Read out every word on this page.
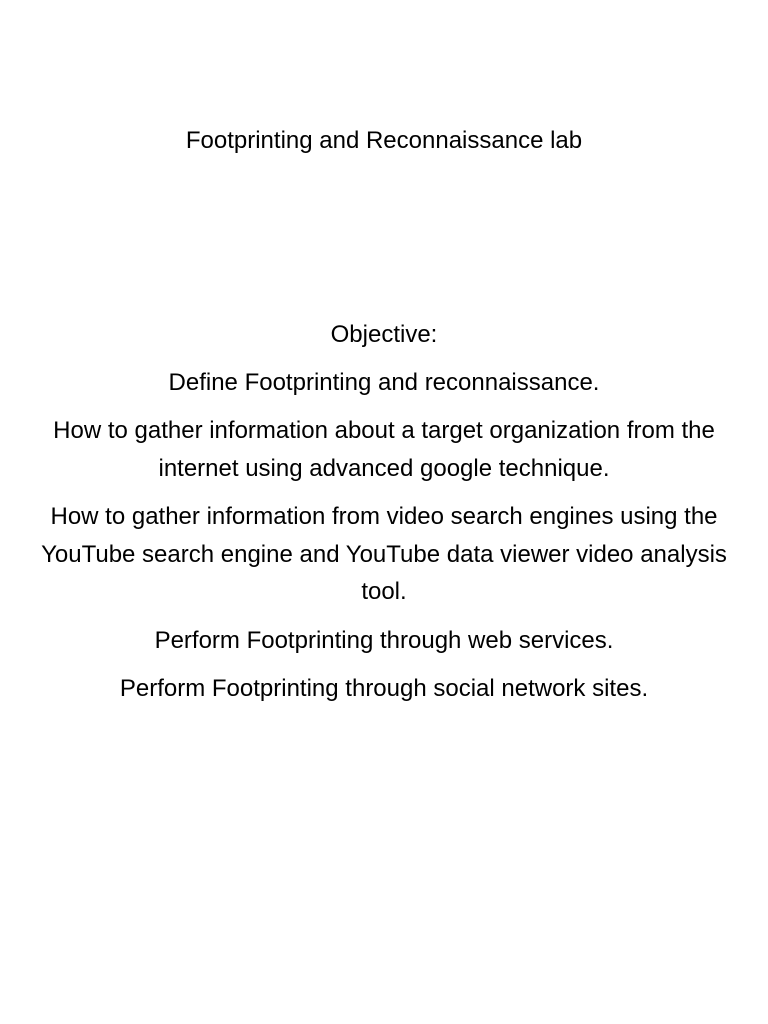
Footprinting and Reconnaissance lab

Objective:

Define Footprinting and reconnaissance.

How to gather information about a target organization from the internet using advanced google technique.

How to gather information from video search engines using the YouTube search engine and YouTube data viewer video analysis tool.

Perform Footprinting through web services.

Perform Footprinting through social network sites.
